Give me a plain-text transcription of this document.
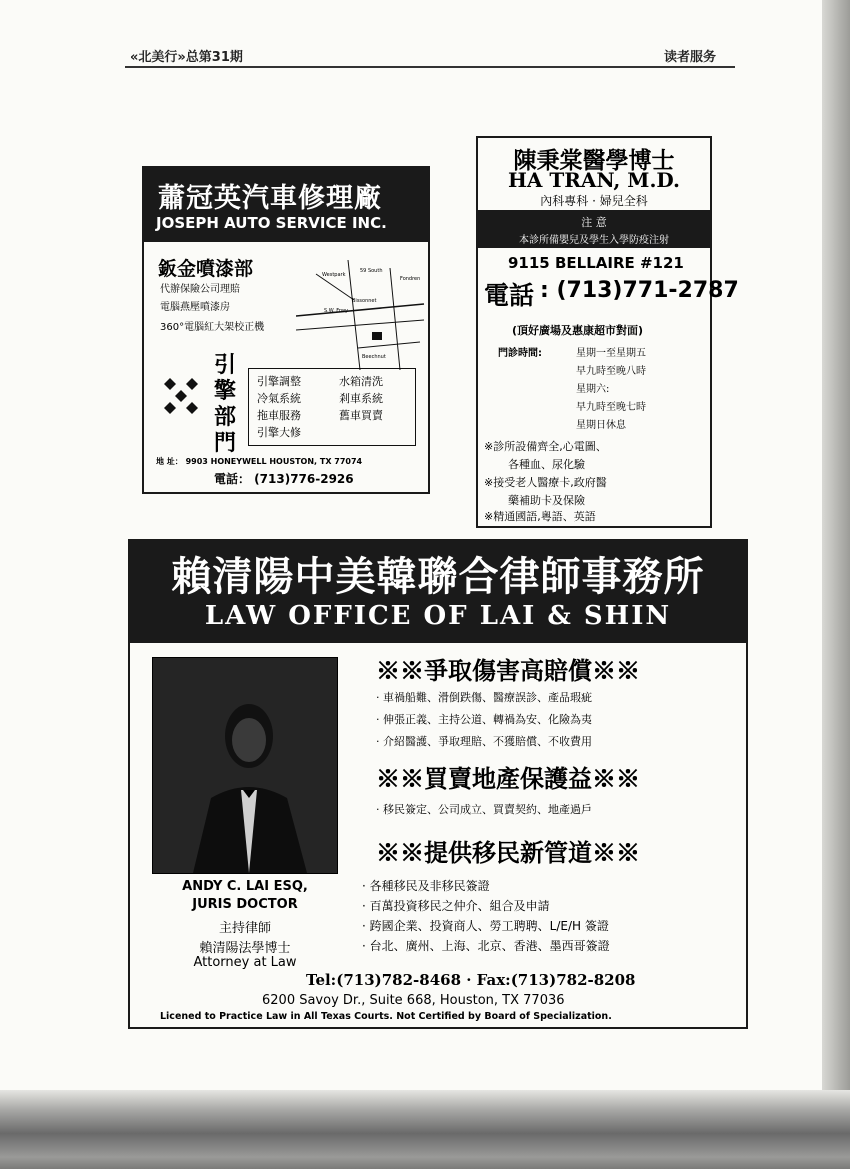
«北美行»总第31期	读者服务
蕭冠英汽車修理廠
JOSEPH AUTO SERVICE INC.
鈑金噴漆部
代辦保險公司理賠
電腦燕壓噴漆房
360°電腦紅大架校正機
Westpark
S.W. Frwy
Bissonnet
Fondren
Beechnut
59 South
引擎部門
引擎調整
冷氣系統
拖車服務
引擎大修
水箱清洗
剎車系統
舊車買賣
地 址： 9903 HONEYWELL HOUSTON, TX 77074
電話： (713)776-2926
陳秉棠醫學博士
HA TRAN, M.D.
內科專科 · 婦兒全科
注 意
本診所備嬰兒及學生入學防疫注射
9115 BELLAIRE #121
電話 : (713)771-2787
(頂好廣場及惠康超市對面)
門診時間:	星期一至星期五
早九時至晚八時
星期六:
早九時至晚七時
星期日休息
※診所設備齊全,心電圖、
各種血、尿化驗
※接受老人醫療卡,政府醫
藥補助卡及保險
※精通國語,粵語、英語
賴清陽中美韓聯合律師事務所
LAW OFFICE OF LAI & SHIN
ANDY C. LAI ESQ,
JURIS DOCTOR
主持律師
賴清陽法學博士
Attorney at Law
※※爭取傷害高賠償※※
· 車禍船難、滑倒跌傷、醫療誤診、產品瑕疵
· 伸張正義、主持公道、轉禍為安、化險為夷
· 介紹醫護、爭取理賠、不獲賠償、不收費用
※※買賣地產保護益※※
· 移民簽定、公司成立、買賣契約、地產過戶
※※提供移民新管道※※
· 各種移民及非移民簽證
· 百萬投資移民之仲介、組合及申請
· 跨國企業、投資商人、勞工聘聘、L/E/H 簽證
· 台北、廣州、上海、北京、香港、墨西哥簽證
Tel:(713)782-8468 · Fax:(713)782-8208
6200 Savoy Dr., Suite 668, Houston, TX 77036
Licened to Practice Law in All Texas Courts. Not Certified by Board of Specialization.
